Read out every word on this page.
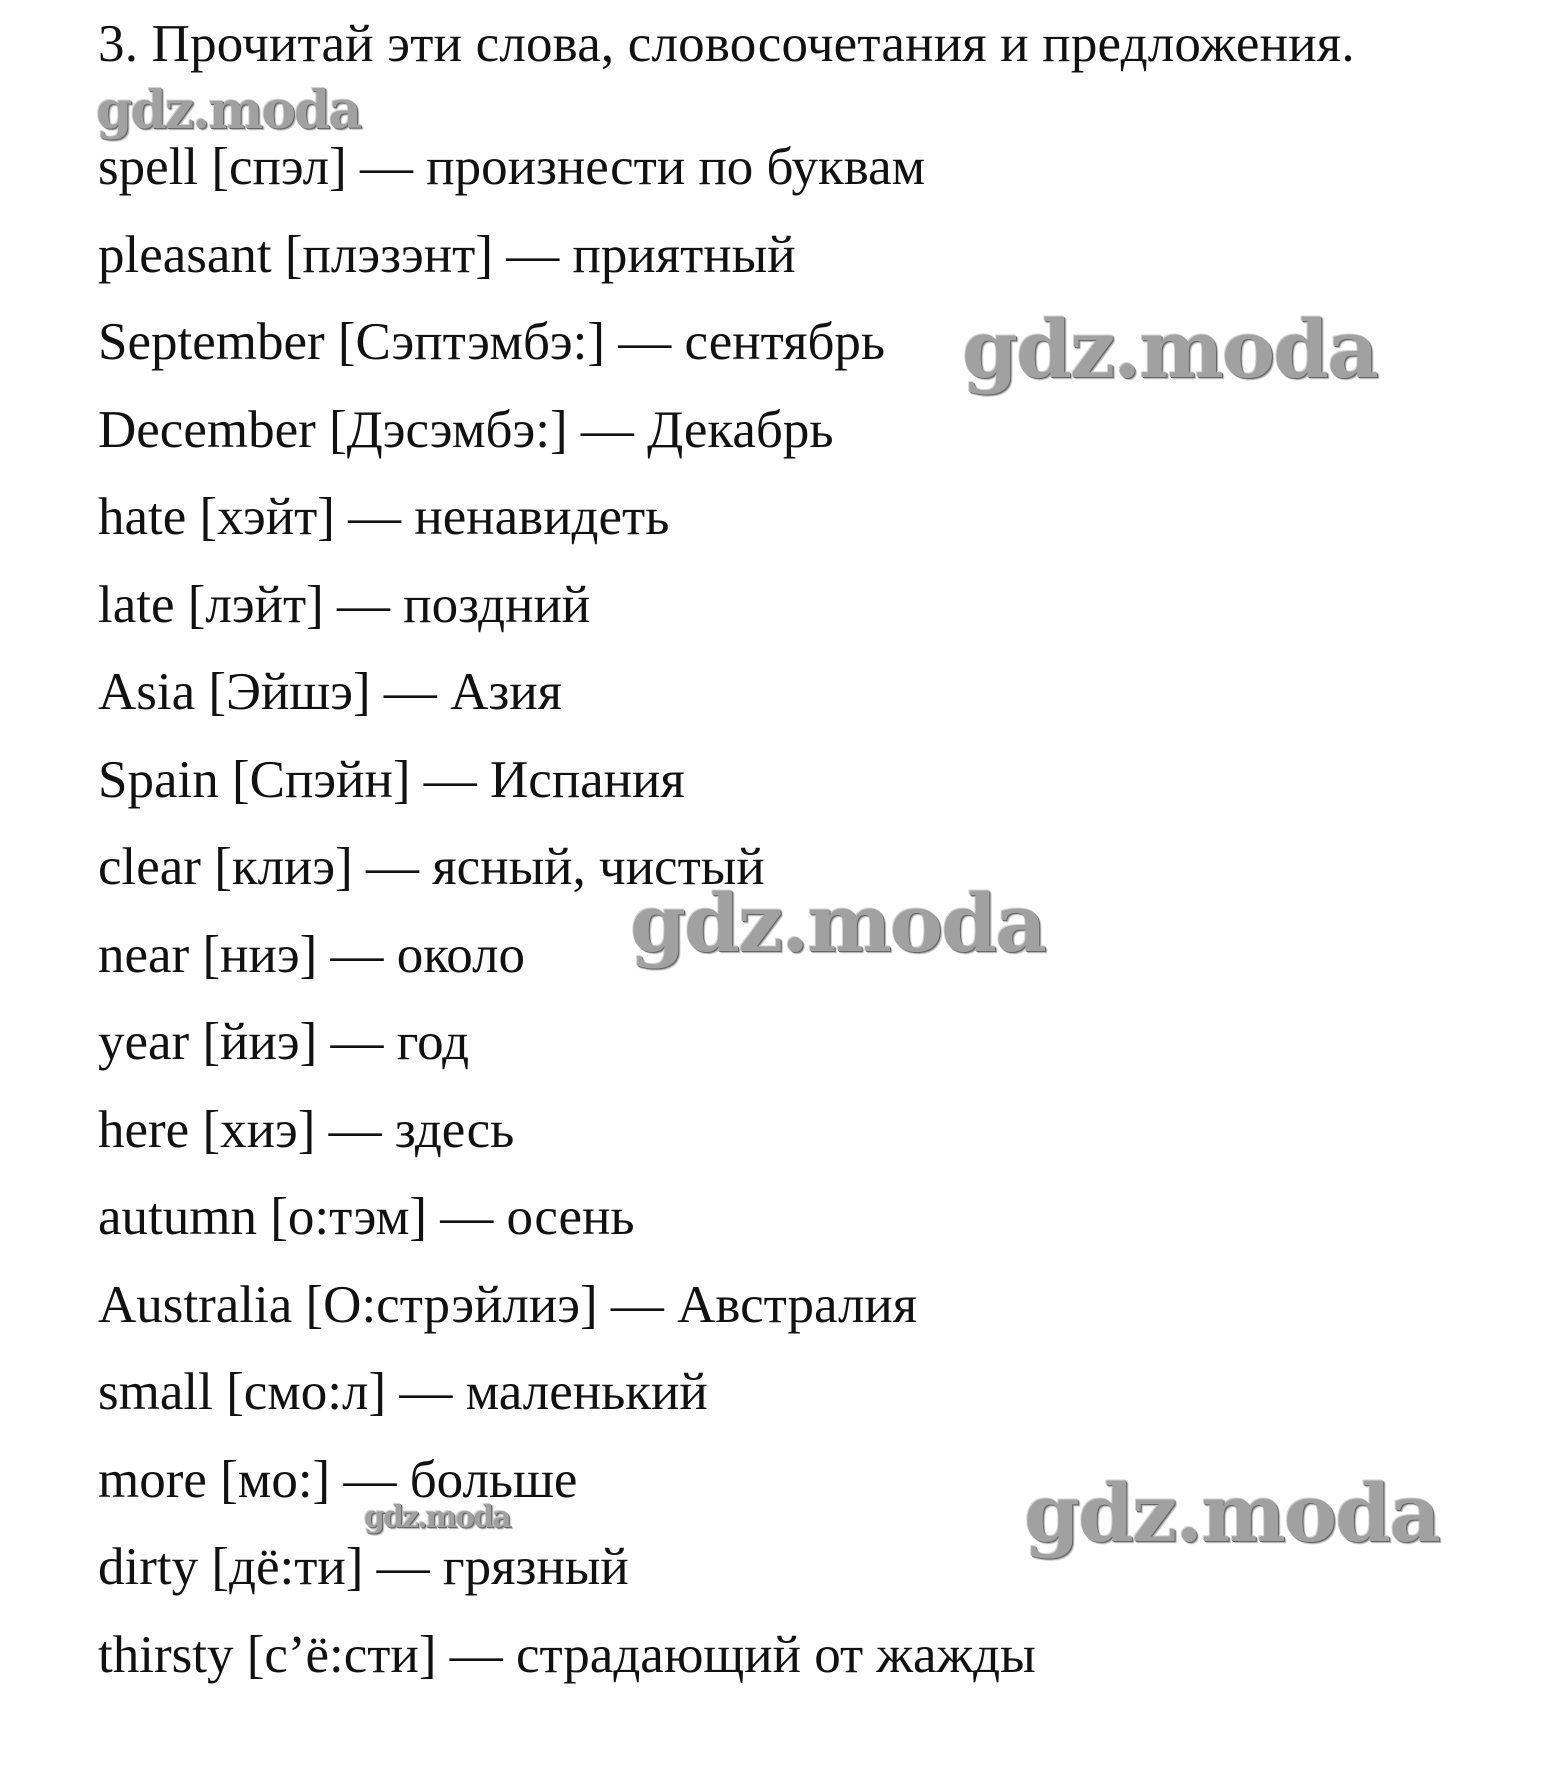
3. Прочитай эти слова, словосочетания и предложения.
spell [спэл] — произнести по буквам
pleasant [плэзэнт] — приятный
September [Сэптэмбэ:] — сентябрь
December [Дэсэмбэ:] — Декабрь
hate [хэйт] — ненавидеть
late [лэйт] — поздний
Asia [Эйшэ] — Азия
Spain [Спэйн] — Испания
clear [клиэ] — ясный, чистый
near [ниэ] — около
year [йиэ] — год
here [хиэ] — здесь
autumn [о:тэм] — осень
Australia [О:стрэйлиэ] — Австралия
small [смо:л] — маленький
more [мо:] — больше
dirty [дё:ти] — грязный
thirsty [с’ё:сти] — страдающий от жажды
gdz.moda
gdz.moda
gdz.moda
gdz.moda
gdz.moda
